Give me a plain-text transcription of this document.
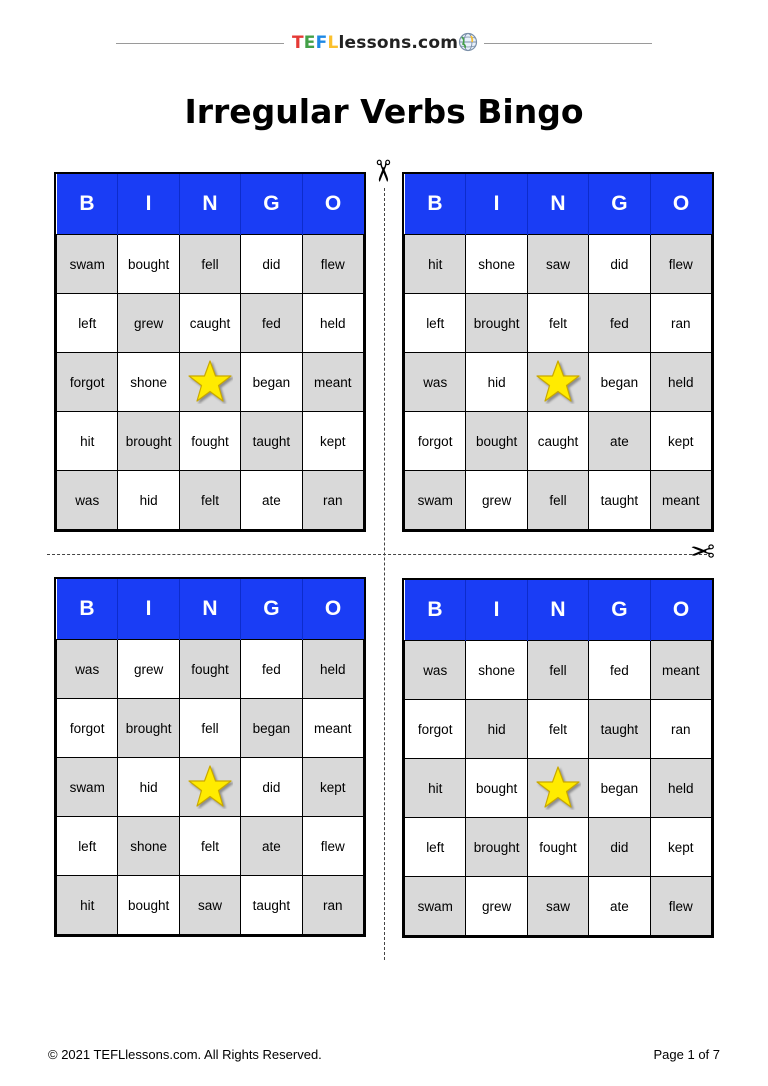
TEFLlessons.com
Irregular Verbs Bingo
✂
✂
B	I	N	G	O
swam	bought	fell	did	flew
left	grew	caught	fed	held
forgot	shone		began	meant
hit	brought	fought	taught	kept
was	hid	felt	ate	ran
B	I	N	G	O
hit	shone	saw	did	flew
left	brought	felt	fed	ran
was	hid		began	held
forgot	bought	caught	ate	kept
swam	grew	fell	taught	meant
B	I	N	G	O
was	grew	fought	fed	held
forgot	brought	fell	began	meant
swam	hid		did	kept
left	shone	felt	ate	flew
hit	bought	saw	taught	ran
B	I	N	G	O
was	shone	fell	fed	meant
forgot	hid	felt	taught	ran
hit	bought		began	held
left	brought	fought	did	kept
swam	grew	saw	ate	flew
© 2021 TEFLlessons.com. All Rights Reserved.	Page 1 of 7
